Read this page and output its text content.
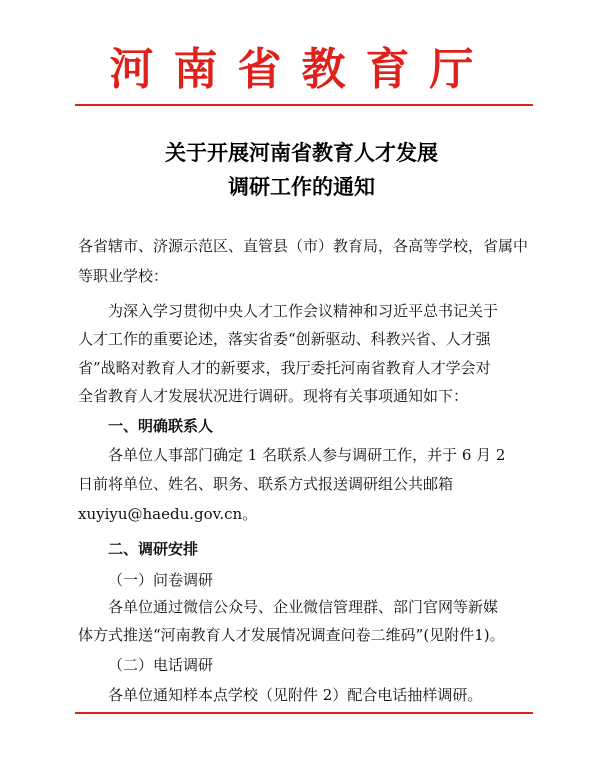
河南省教育厅
关于开展河南省教育人才发展
调研工作的通知
各省辖市、济源示范区、直管县（市）教育局，各高等学校，省属中
等职业学校：
为深入学习贯彻中央人才工作会议精神和习近平总书记关于
人才工作的重要论述，落实省委“创新驱动、科教兴省、人才强
省”战略对教育人才的新要求，我厅委托河南省教育人才学会对
全省教育人才发展状况进行调研。现将有关事项通知如下：
一、明确联系人
各单位人事部门确定 1 名联系人参与调研工作，并于 6 月 2
日前将单位、姓名、职务、联系方式报送调研组公共邮箱
xuyiyu@haedu.gov.cn。
二、调研安排
（一）问卷调研
各单位通过微信公众号、企业微信管理群、部门官网等新媒
体方式推送“河南教育人才发展情况调查问卷二维码”(见附件1)。
（二）电话调研
各单位通知样本点学校（见附件 2）配合电话抽样调研。
